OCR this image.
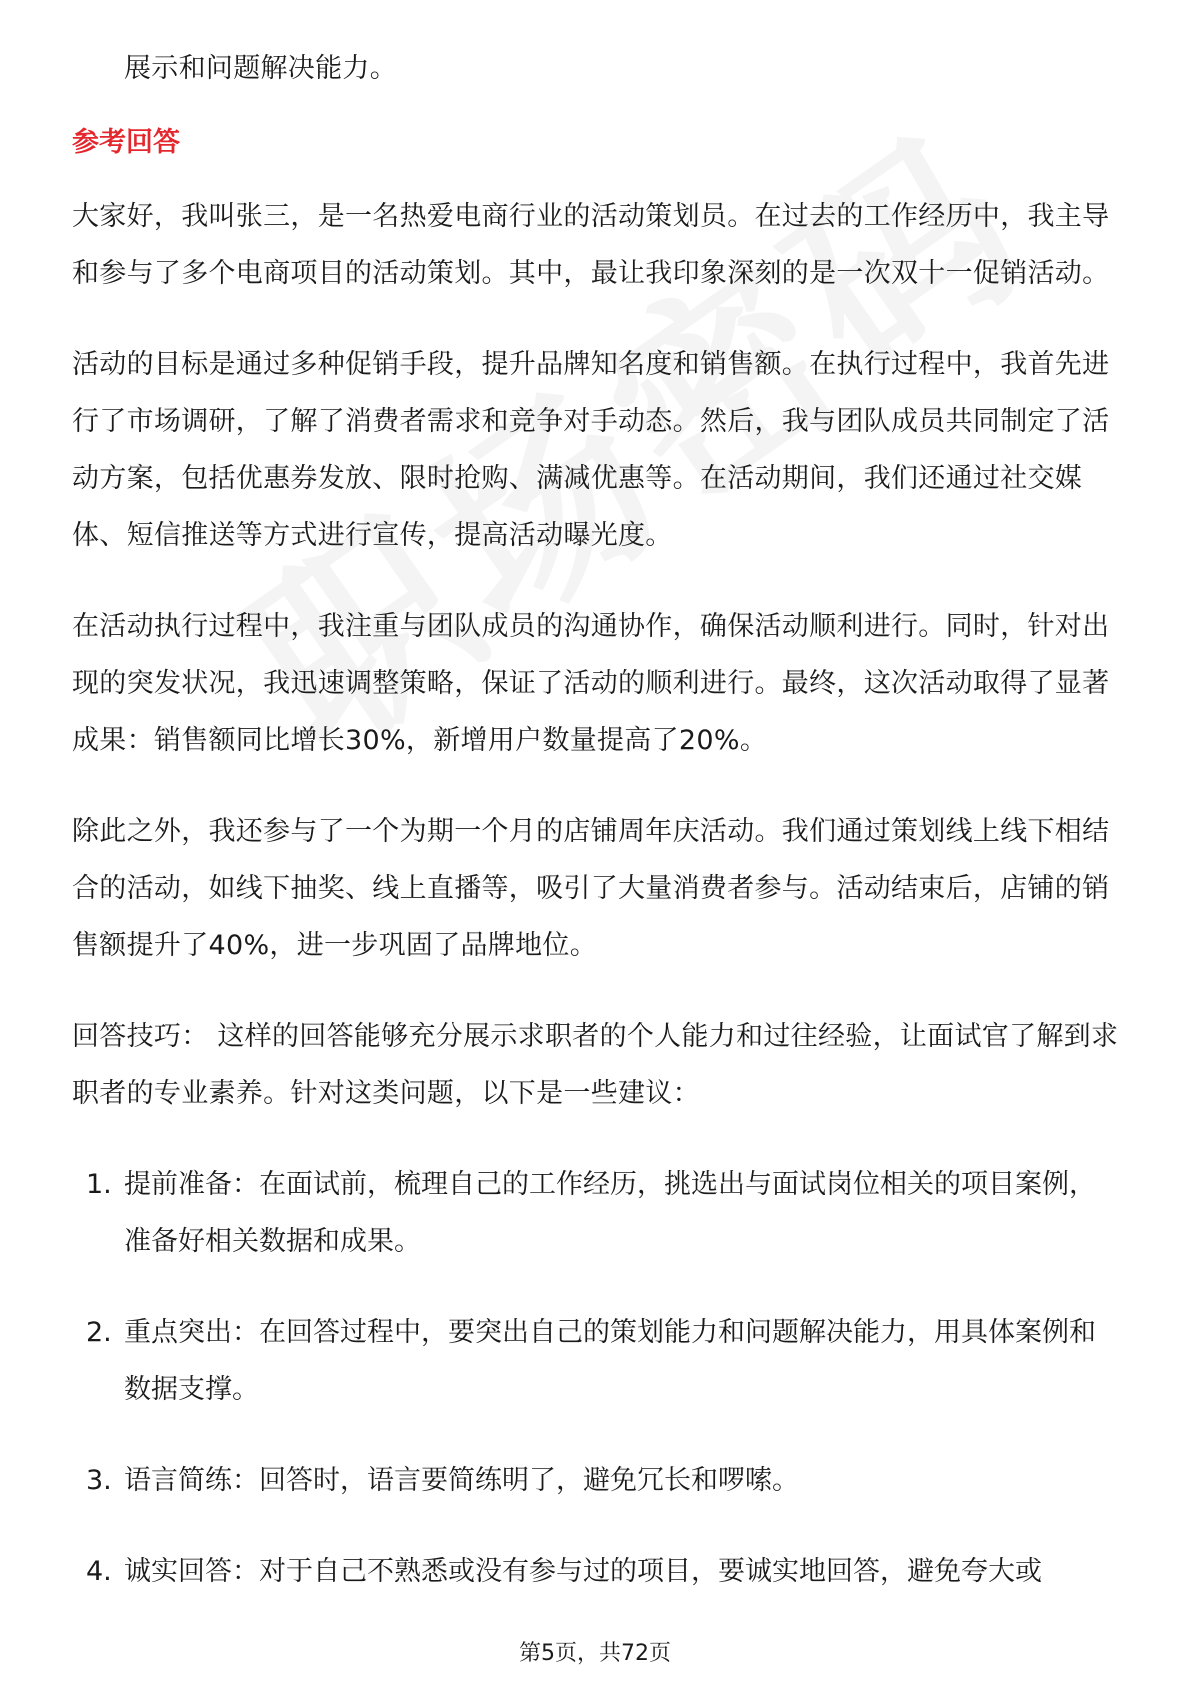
展示和问题解决能力。

参考回答

大家好，我叫张三，是一名热爱电商行业的活动策划员。在过去的工作经历中，我主导和参与了多个电商项目的活动策划。其中，最让我印象深刻的是一次双十一促销活动。

活动的目标是通过多种促销手段，提升品牌知名度和销售额。在执行过程中，我首先进行了市场调研，了解了消费者需求和竞争对手动态。然后，我与团队成员共同制定了活动方案，包括优惠券发放、限时抢购、满减优惠等。在活动期间，我们还通过社交媒体、短信推送等方式进行宣传，提高活动曝光度。

在活动执行过程中，我注重与团队成员的沟通协作，确保活动顺利进行。同时，针对出现的突发状况，我迅速调整策略，保证了活动的顺利进行。最终，这次活动取得了显著成果：销售额同比增长30%，新增用户数量提高了20%。

除此之外，我还参与了一个为期一个月的店铺周年庆活动。我们通过策划线上线下相结合的活动，如线下抽奖、线上直播等，吸引了大量消费者参与。活动结束后，店铺的销售额提升了40%，进一步巩固了品牌地位。

回答技巧： 这样的回答能够充分展示求职者的个人能力和过往经验，让面试官了解到求职者的专业素养。针对这类问题，以下是一些建议：

1. 提前准备：在面试前，梳理自己的工作经历，挑选出与面试岗位相关的项目案例，准备好相关数据和成果。
2. 重点突出：在回答过程中，要突出自己的策划能力和问题解决能力，用具体案例和数据支撑。
3. 语言简练：回答时，语言要简练明了，避免冗长和啰嗦。
4. 诚实回答：对于自己不熟悉或没有参与过的项目，要诚实地回答，避免夸大或
第5页，共72页
